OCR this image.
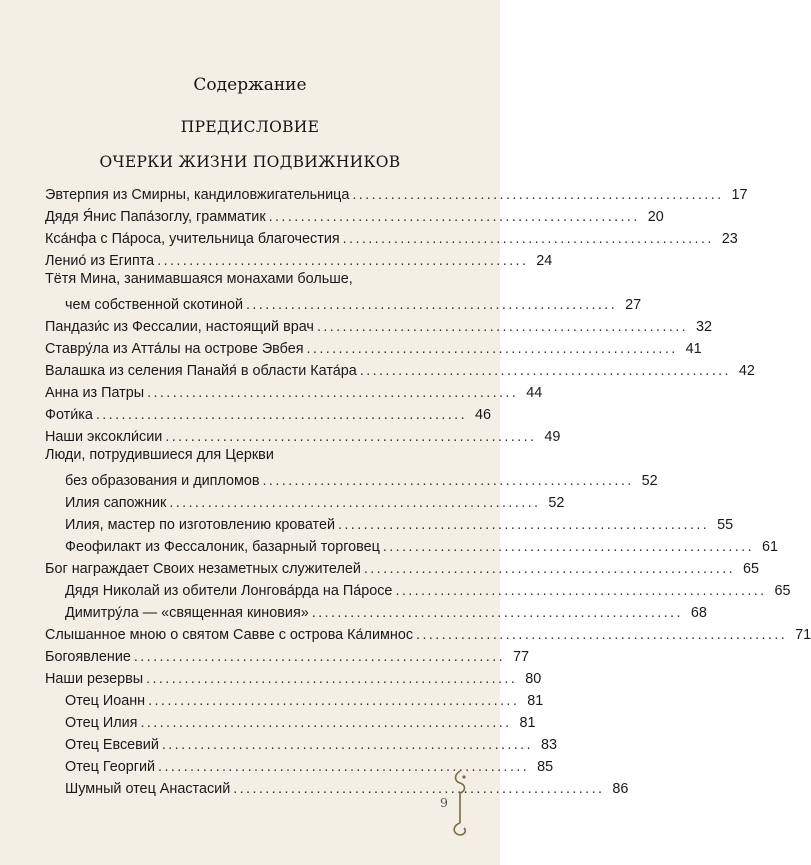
Содержание
ПРЕДИСЛОВИЕ
ОЧЕРКИ ЖИЗНИ ПОДВИЖНИКОВ
Эвтерпия из Смирны, кандиловжигательница .......................................................... 17
Дядя Я́нис Папа́зоглу, грамматик .......................................................... 20
Кса́нфа с Па́роса, учительница благочестия .......................................................... 23
Ленио́ из Египта .......................................................... 24
Тётя Мина, занимавшаяся монахами больше,
чем собственной скотиной .......................................................... 27
Пандази́с из Фессалии, настоящий врач .......................................................... 32
Ставру́ла из Атта́лы на острове Эвбея .......................................................... 41
Валашка из селения Панайя́ в области Ката́ра .......................................................... 42
Анна из Патры .......................................................... 44
Фоти́ка .......................................................... 46
Наши эксокли́сии .......................................................... 49
Люди, потрудившиеся для Церкви
без образования и дипломов .......................................................... 52
Илия сапожник .......................................................... 52
Илия, мастер по изготовлению кроватей .......................................................... 55
Феофилакт из Фессалоник, базарный торговец .......................................................... 61
Бог награждает Своих незаметных служителей .......................................................... 65
Дядя Николай из обители Лонгова́рда на Па́росе .......................................................... 65
Димитру́ла — «священная киновия» .......................................................... 68
Слышанное мною о святом Савве с острова Ка́лимнос .......................................................... 71
Богоявление .......................................................... 77
Наши резервы .......................................................... 80
Отец Иоанн .......................................................... 81
Отец Илия .......................................................... 81
Отец Евсевий .......................................................... 83
Отец Георгий .......................................................... 85
Шумный отец Анастасий .......................................................... 86
9
